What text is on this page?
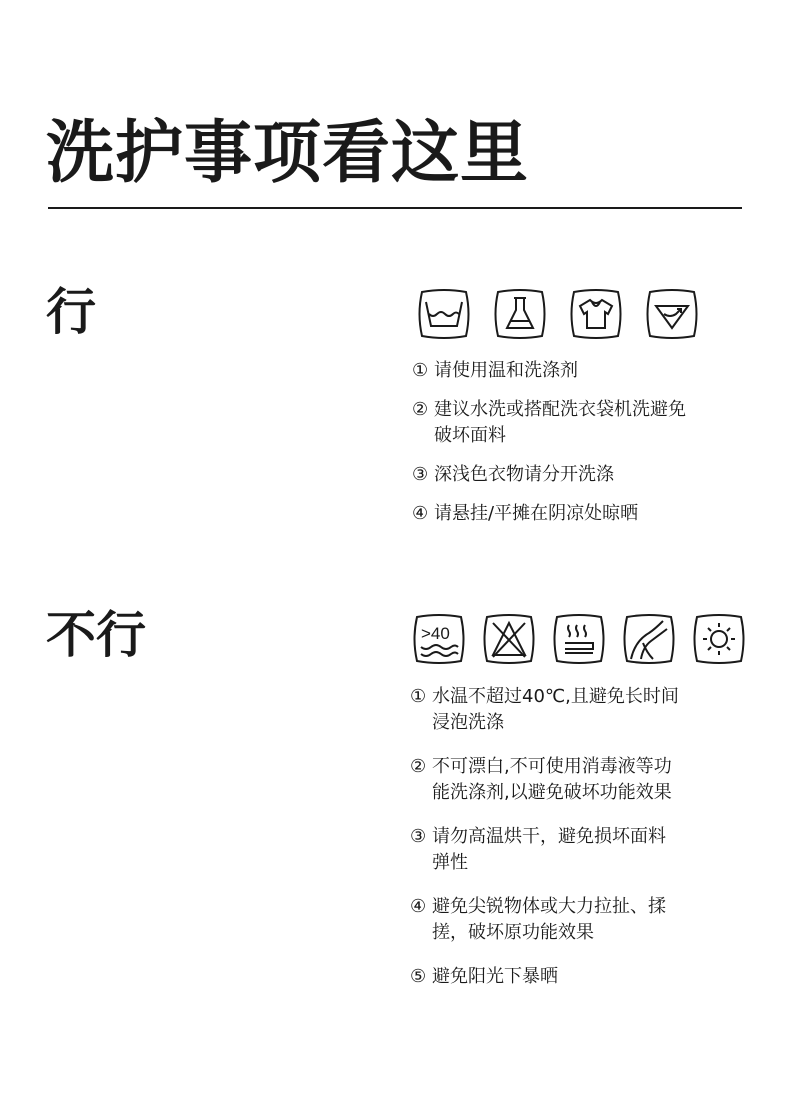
洗护事项看这里
行
① 请使用温和洗涤剂
② 建议水洗或搭配洗衣袋机洗避免破坏面料
③ 深浅色衣物请分开洗涤
④ 请悬挂/平摊在阴凉处晾晒
不行	>40
① 水温不超过40℃,且避免长时间浸泡洗涤
② 不可漂白,不可使用消毒液等功能洗涤剂,以避免破坏功能效果
③ 请勿高温烘干，避免损坏面料弹性
④ 避免尖锐物体或大力拉扯、揉搓，破坏原功能效果
⑤ 避免阳光下暴晒
